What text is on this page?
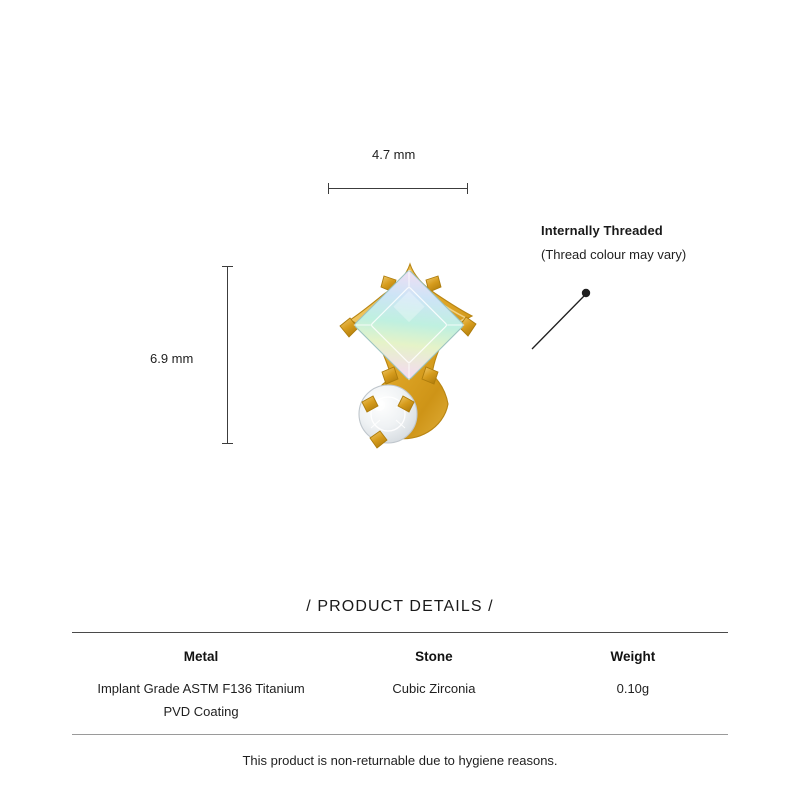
4.7 mm
6.9 mm
Internally Threaded
(Thread colour may vary)
/ PRODUCT DETAILS /
Metal
Implant Grade ASTM F136 Titanium
PVD Coating
Stone
Cubic Zirconia
Weight
0.10g
This product is non-returnable due to hygiene reasons.
